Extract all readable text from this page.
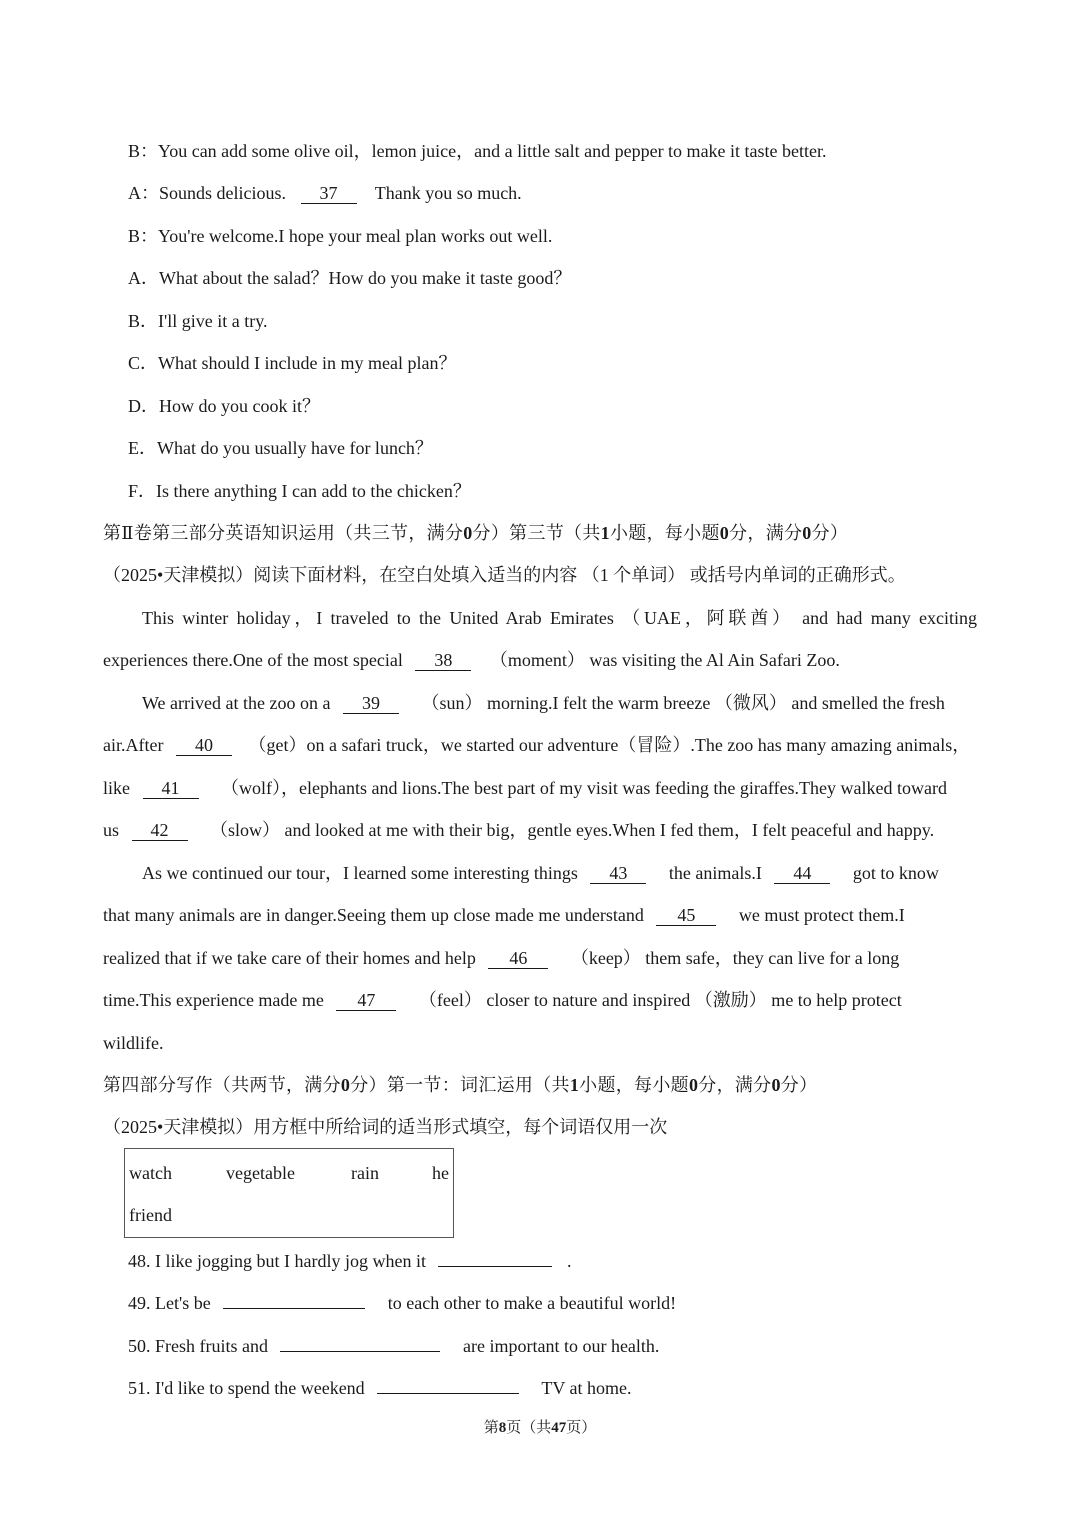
B：You can add some olive oil，lemon juice，and a little salt and pepper to make it taste better.
A：Sounds delicious. 37 Thank you so much.
B：You're welcome.I hope your meal plan works out well.
A．What about the salad？How do you make it taste good？
B．I'll give it a try.
C．What should I include in my meal plan？
D．How do you cook it？
E．What do you usually have for lunch？
F．Is there anything I can add to the chicken？
第Ⅱ卷第三部分英语知识运用（共三节，满分0分）第三节（共1小题，每小题0分，满分0分）
（2025•天津模拟）阅读下面材料，在空白处填入适当的内容 （1 个单词） 或括号内单词的正确形式。
This winter holiday，I traveled to the United Arab Emirates （UAE，阿联酋） and had many exciting
experiences there.One of the most special 38 （moment） was visiting the Al Ain Safari Zoo.
We arrived at the zoo on a 39 （sun） morning.I felt the warm breeze （微风） and smelled the fresh
air.After 40 （get）on a safari truck，we started our adventure（冒险）.The zoo has many amazing animals，
like 41 （wolf），elephants and lions.The best part of my visit was feeding the giraffes.They walked toward
us 42 （slow） and looked at me with their big，gentle eyes.When I fed them，I felt peaceful and happy.
As we continued our tour，I learned some interesting things 43 the animals.I 44 got to know
that many animals are in danger.Seeing them up close made me understand 45 we must protect them.I
realized that if we take care of their homes and help 46 （keep） them safe，they can live for a long
time.This experience made me 47 （feel） closer to nature and inspired （激励） me to help protect
wildlife.
第四部分写作（共两节，满分0分）第一节：词汇运用（共1小题，每小题0分，满分0分）
（2025•天津模拟）用方框中所给词的适当形式填空，每个词语仅用一次
watch	vegetable	rain	he
friend
48. I like jogging but I hardly jog when it	.
49. Let's be	to each other to make a beautiful world!
50. Fresh fruits and	are important to our health.
51. I'd like to spend the weekend	TV at home.
第8页（共47页）
